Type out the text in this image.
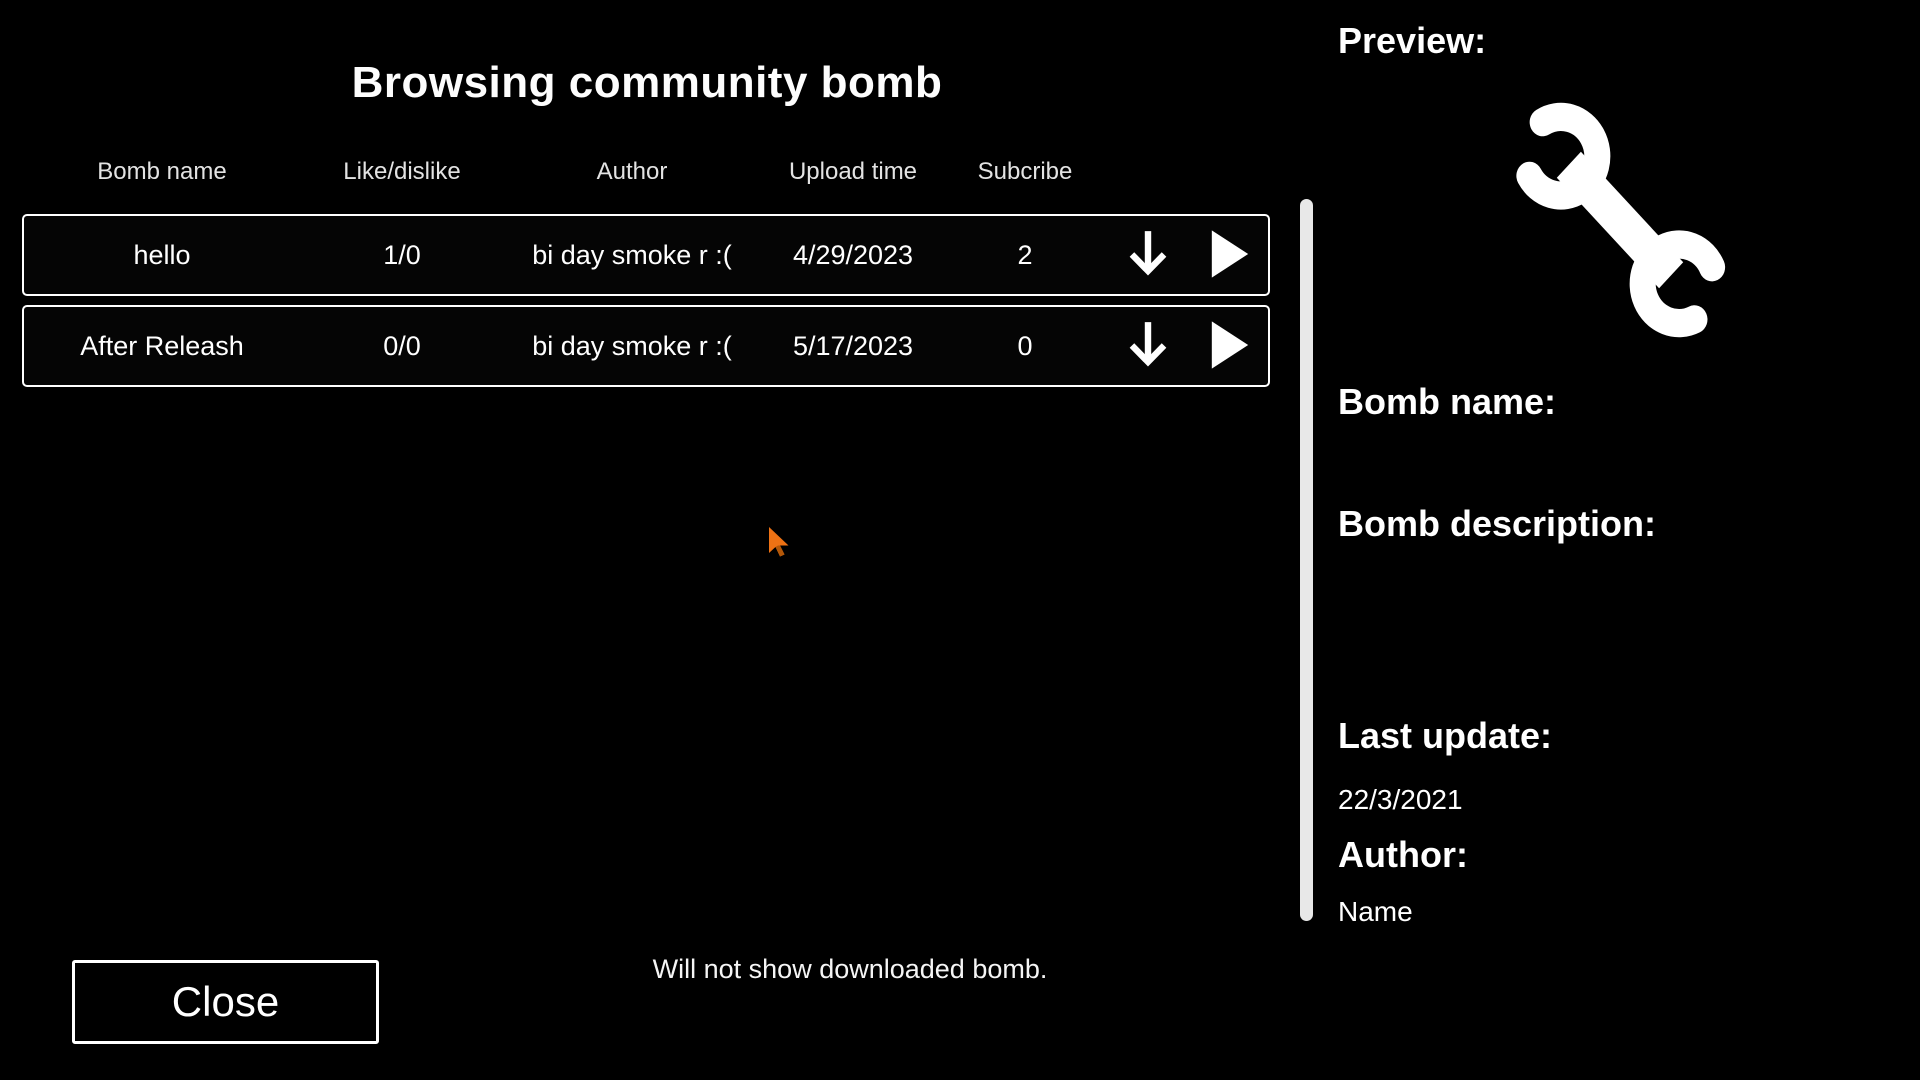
Browsing community bomb
Bomb name	Like/dislike	Author	Upload time	Subcribe
hello	1/0	bi day smoke r :(	4/29/2023	2
After Releash	0/0	bi day smoke r :(	5/17/2023	0
Preview:
Bomb name:
Bomb description:
Last update:
22/3/2021
Author:
Name
Close
Will not show downloaded bomb.
